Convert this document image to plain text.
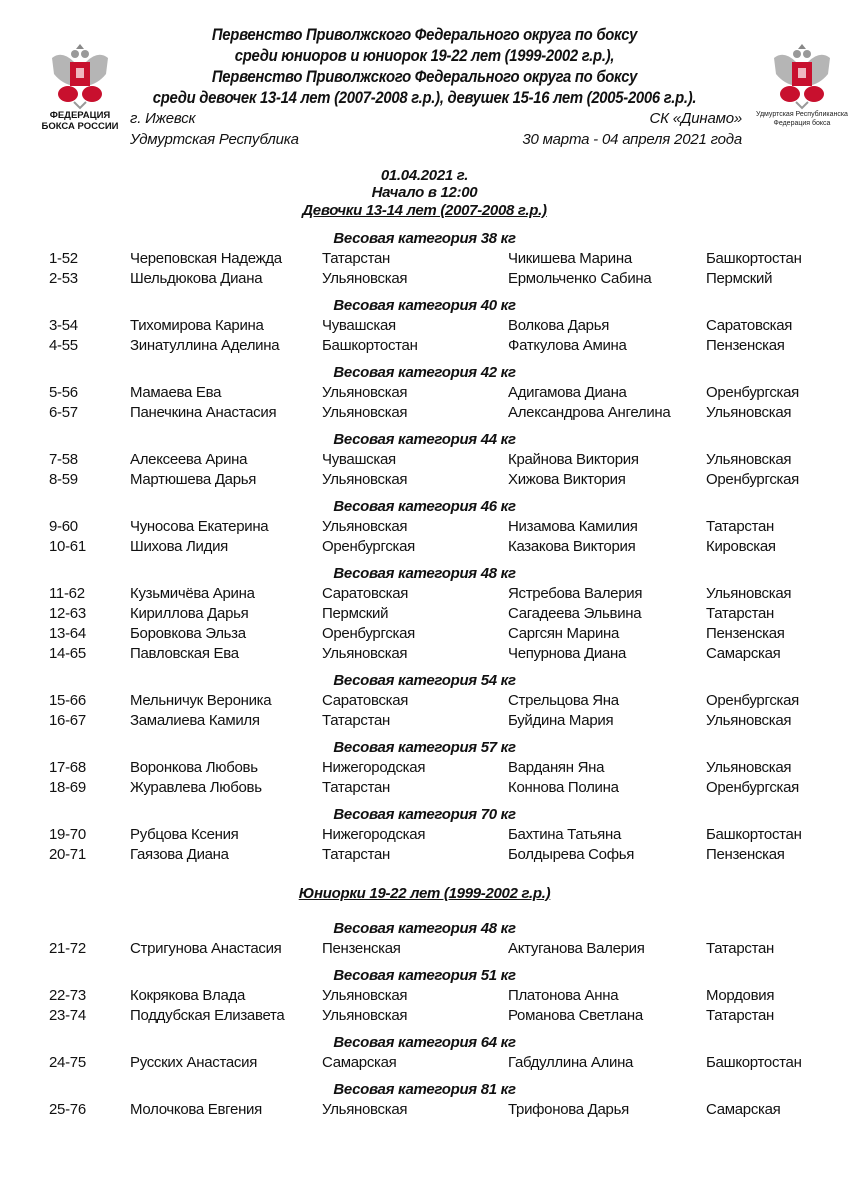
ФЕДЕРАЦИЯ
БОКСА РОССИИ
Удмуртская Республиканска
Федерация бокса
Первенство Приволжского Федерального округа по боксу
среди юниоров и юниорок 19-22 лет (1999-2002 г.р.),
Первенство Приволжского Федерального округа по боксу
среди девочек 13-14 лет (2007-2008 г.р.), девушек 15-16 лет (2005-2006 г.р.).
г. Ижевск
Удмуртская Республика
СК «Динамо»
30 марта - 04 апреля 2021 года
01.04.2021 г.
Начало в 12:00
Девочки 13-14 лет (2007-2008 г.р.)
Весовая категория 38 кг
1-52	Череповская Надежда	Татарстан	Чикишева Марина	Башкортостан
2-53	Шельдюкова Диана	Ульяновская	Ермольченко Сабина	Пермский
Весовая категория 40 кг
3-54	Тихомирова Карина	Чувашская	Волкова Дарья	Саратовская
4-55	Зинатуллина Аделина	Башкортостан	Фаткулова Амина	Пензенская
Весовая категория 42 кг
5-56	Мамаева Ева	Ульяновская	Адигамова Диана	Оренбургская
6-57	Панечкина Анастасия	Ульяновская	Александрова Ангелина Ульяновская
Весовая категория 44 кг
7-58	Алексеева Арина	Чувашская	Крайнова Виктория	Ульяновская
8-59	Мартюшева Дарья	Ульяновская	Хижова Виктория	Оренбургская
Весовая категория 46 кг
9-60	Чуносова Екатерина	Ульяновская	Низамова Камилия	Татарстан
10-61	Шихова Лидия	Оренбургская	Казакова Виктория	Кировская
Весовая категория 48 кг
11-62	Кузьмичёва Арина	Саратовская	Ястребова Валерия	Ульяновская
12-63	Кириллова Дарья	Пермский	Сагадеева Эльвина	Татарстан
13-64	Боровкова Эльза	Оренбургская	Саргсян Марина	Пензенская
14-65	Павловская Ева	Ульяновская	Чепурнова Диана	Самарская
Весовая категория 54 кг
15-66	Мельничук Вероника	Саратовская	Стрельцова Яна	Оренбургская
16-67	Замалиева Камиля	Татарстан	Буйдина Мария	Ульяновская
Весовая категория 57 кг
17-68	Воронкова Любовь	Нижегородская	Варданян Яна	Ульяновская
18-69	Журавлева Любовь	Татарстан	Коннова Полина	Оренбургская
Весовая категория 70 кг
19-70	Рубцова Ксения	Нижегородская	Бахтина Татьяна	Башкортостан
20-71	Гаязова Диана	Татарстан	Болдырева Софья	Пензенская
Юниорки 19-22 лет (1999-2002 г.р.)
Весовая категория 48 кг
21-72	Стригунова Анастасия	Пензенская	Актуганова Валерия	Татарстан
Весовая категория 51 кг
22-73	Кокрякова Влада	Ульяновская	Платонова Анна	Мордовия
23-74	Поддубская Елизавета	Ульяновская	Романова Светлана	Татарстан
Весовая категория 64 кг
24-75	Русских Анастасия	Самарская	Габдуллина Алина	Башкортостан
Весовая категория 81 кг
25-76	Молочкова Евгения	Ульяновская	Трифонова Дарья	Самарская
